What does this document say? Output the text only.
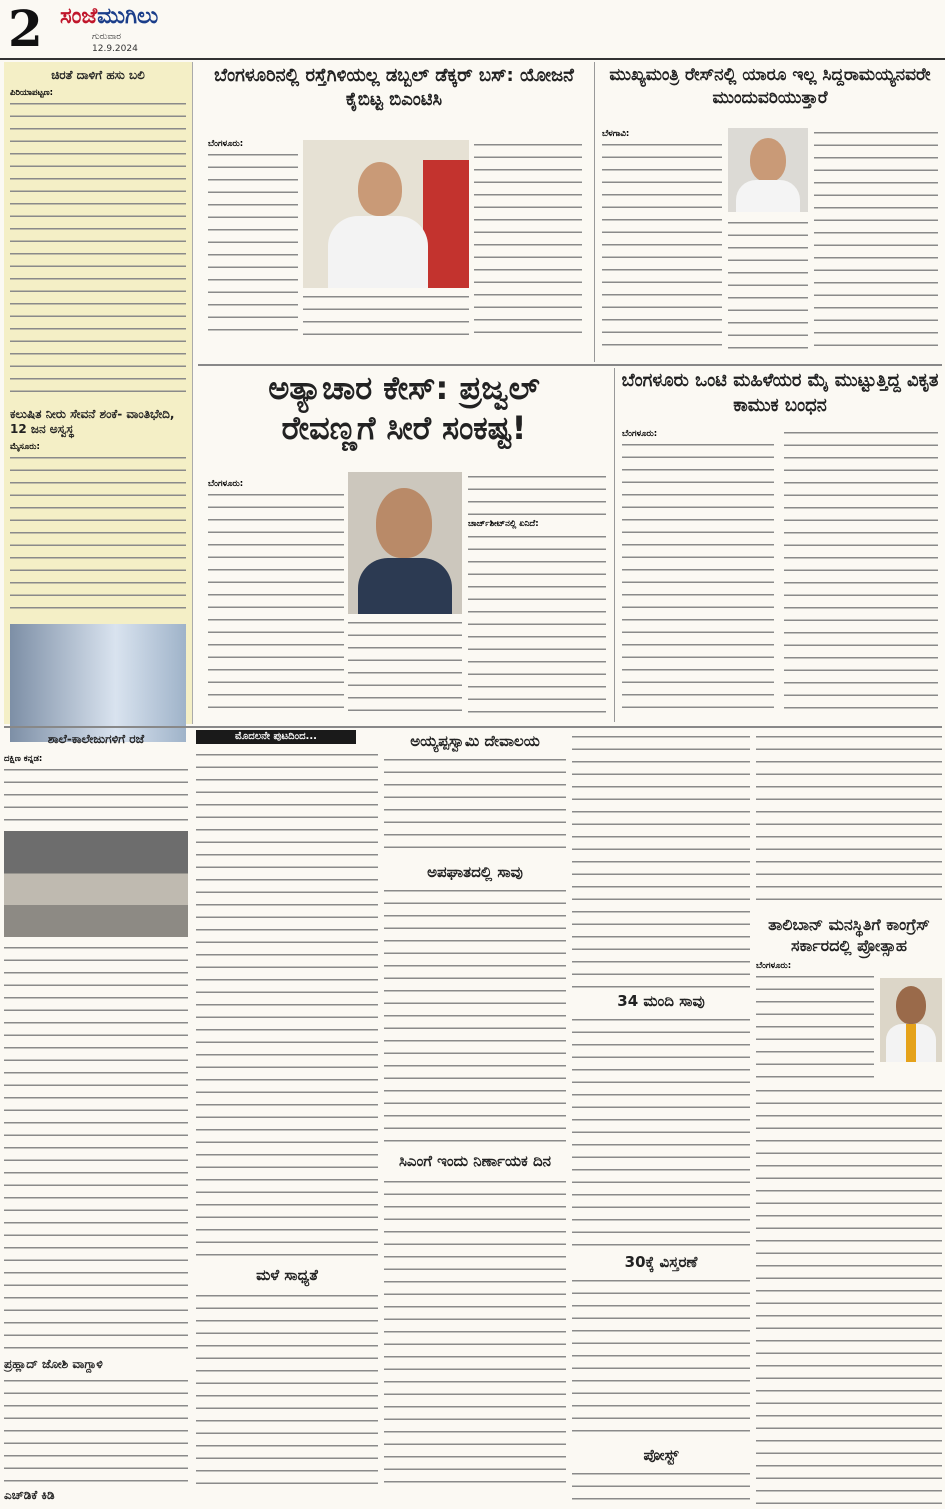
2 ಸಂಜೆಮುಗಿಲು
ಗುರುವಾರ
12.9.2024
ಚಿರತೆ ದಾಳಿಗೆ ಹಸು ಬಲಿ
ಪಿರಿಯಾಪಟ್ಟಣ:
ಕಲುಷಿತ ನೀರು ಸೇವನೆ ಶಂಕೆ- ವಾಂತಿಭೇದಿ, 12 ಜನ ಅಸ್ವಸ್ಥ
ಮೈಸೂರು:
ಬೆಂಗಳೂರಿನಲ್ಲಿ ರಸ್ತೆಗಿಳಿಯಲ್ಲ ಡಬ್ಬಲ್ ಡೆಕ್ಕರ್ ಬಸ್: ಯೋಜನೆ ಕೈಬಿಟ್ಟ ಬಿಎಂಟಿಸಿ
ಬೆಂಗಳೂರು:
ಮುಖ್ಯಮಂತ್ರಿ ರೇಸ್‌ನಲ್ಲಿ ಯಾರೂ ಇಲ್ಲ ಸಿದ್ದರಾಮಯ್ಯನವರೇ ಮುಂದುವರಿಯುತ್ತಾರೆ
ಬೆಳಗಾವಿ:
ಅತ್ಯಾಚಾರ ಕೇಸ್: ಪ್ರಜ್ವಲ್
ರೇವಣ್ಣಗೆ ಸೀರೆ ಸಂಕಷ್ಟ!
ಬೆಂಗಳೂರು:
ಚಾರ್ಜ್‌ಶೀಟ್‌ನಲ್ಲಿ ಏನಿದೆ:
ಬೆಂಗಳೂರು ಒಂಟಿ ಮಹಿಳೆಯರ ಮೈ ಮುಟ್ಟುತ್ತಿದ್ದ ವಿಕೃತ ಕಾಮುಕ ಬಂಧನ
ಬೆಂಗಳೂರು:
ಶಾಲೆ-ಕಾಲೇಜುಗಳಿಗೆ ರಜೆ
ದಕ್ಷಿಣ ಕನ್ನಡ:
ಪ್ರಹ್ಲಾದ್ ಜೋಶಿ ವಾಗ್ದಾಳಿ
ಎಚ್‌ಡಿಕೆ ಕಿಡಿ
ಮೊದಲನೇ ಪುಟದಿಂದ...
ಮಳೆ ಸಾಧ್ಯತೆ
ಅಯ್ಯಪ್ಪಸ್ವಾಮಿ ದೇವಾಲಯ
ಅಪಘಾತದಲ್ಲಿ ಸಾವು
ಸಿಎಂಗೆ ಇಂದು ನಿರ್ಣಾಯಕ ದಿನ
34 ಮಂದಿ ಸಾವು
30ಕ್ಕೆ ವಿಸ್ತರಣೆ
ಪೋಸ್ಟ್
ತಾಲಿಬಾನ್ ಮನಸ್ಥಿತಿಗೆ ಕಾಂಗ್ರೆಸ್ ಸರ್ಕಾರದಲ್ಲಿ ಪ್ರೋತ್ಸಾಹ
ಬೆಂಗಳೂರು:
